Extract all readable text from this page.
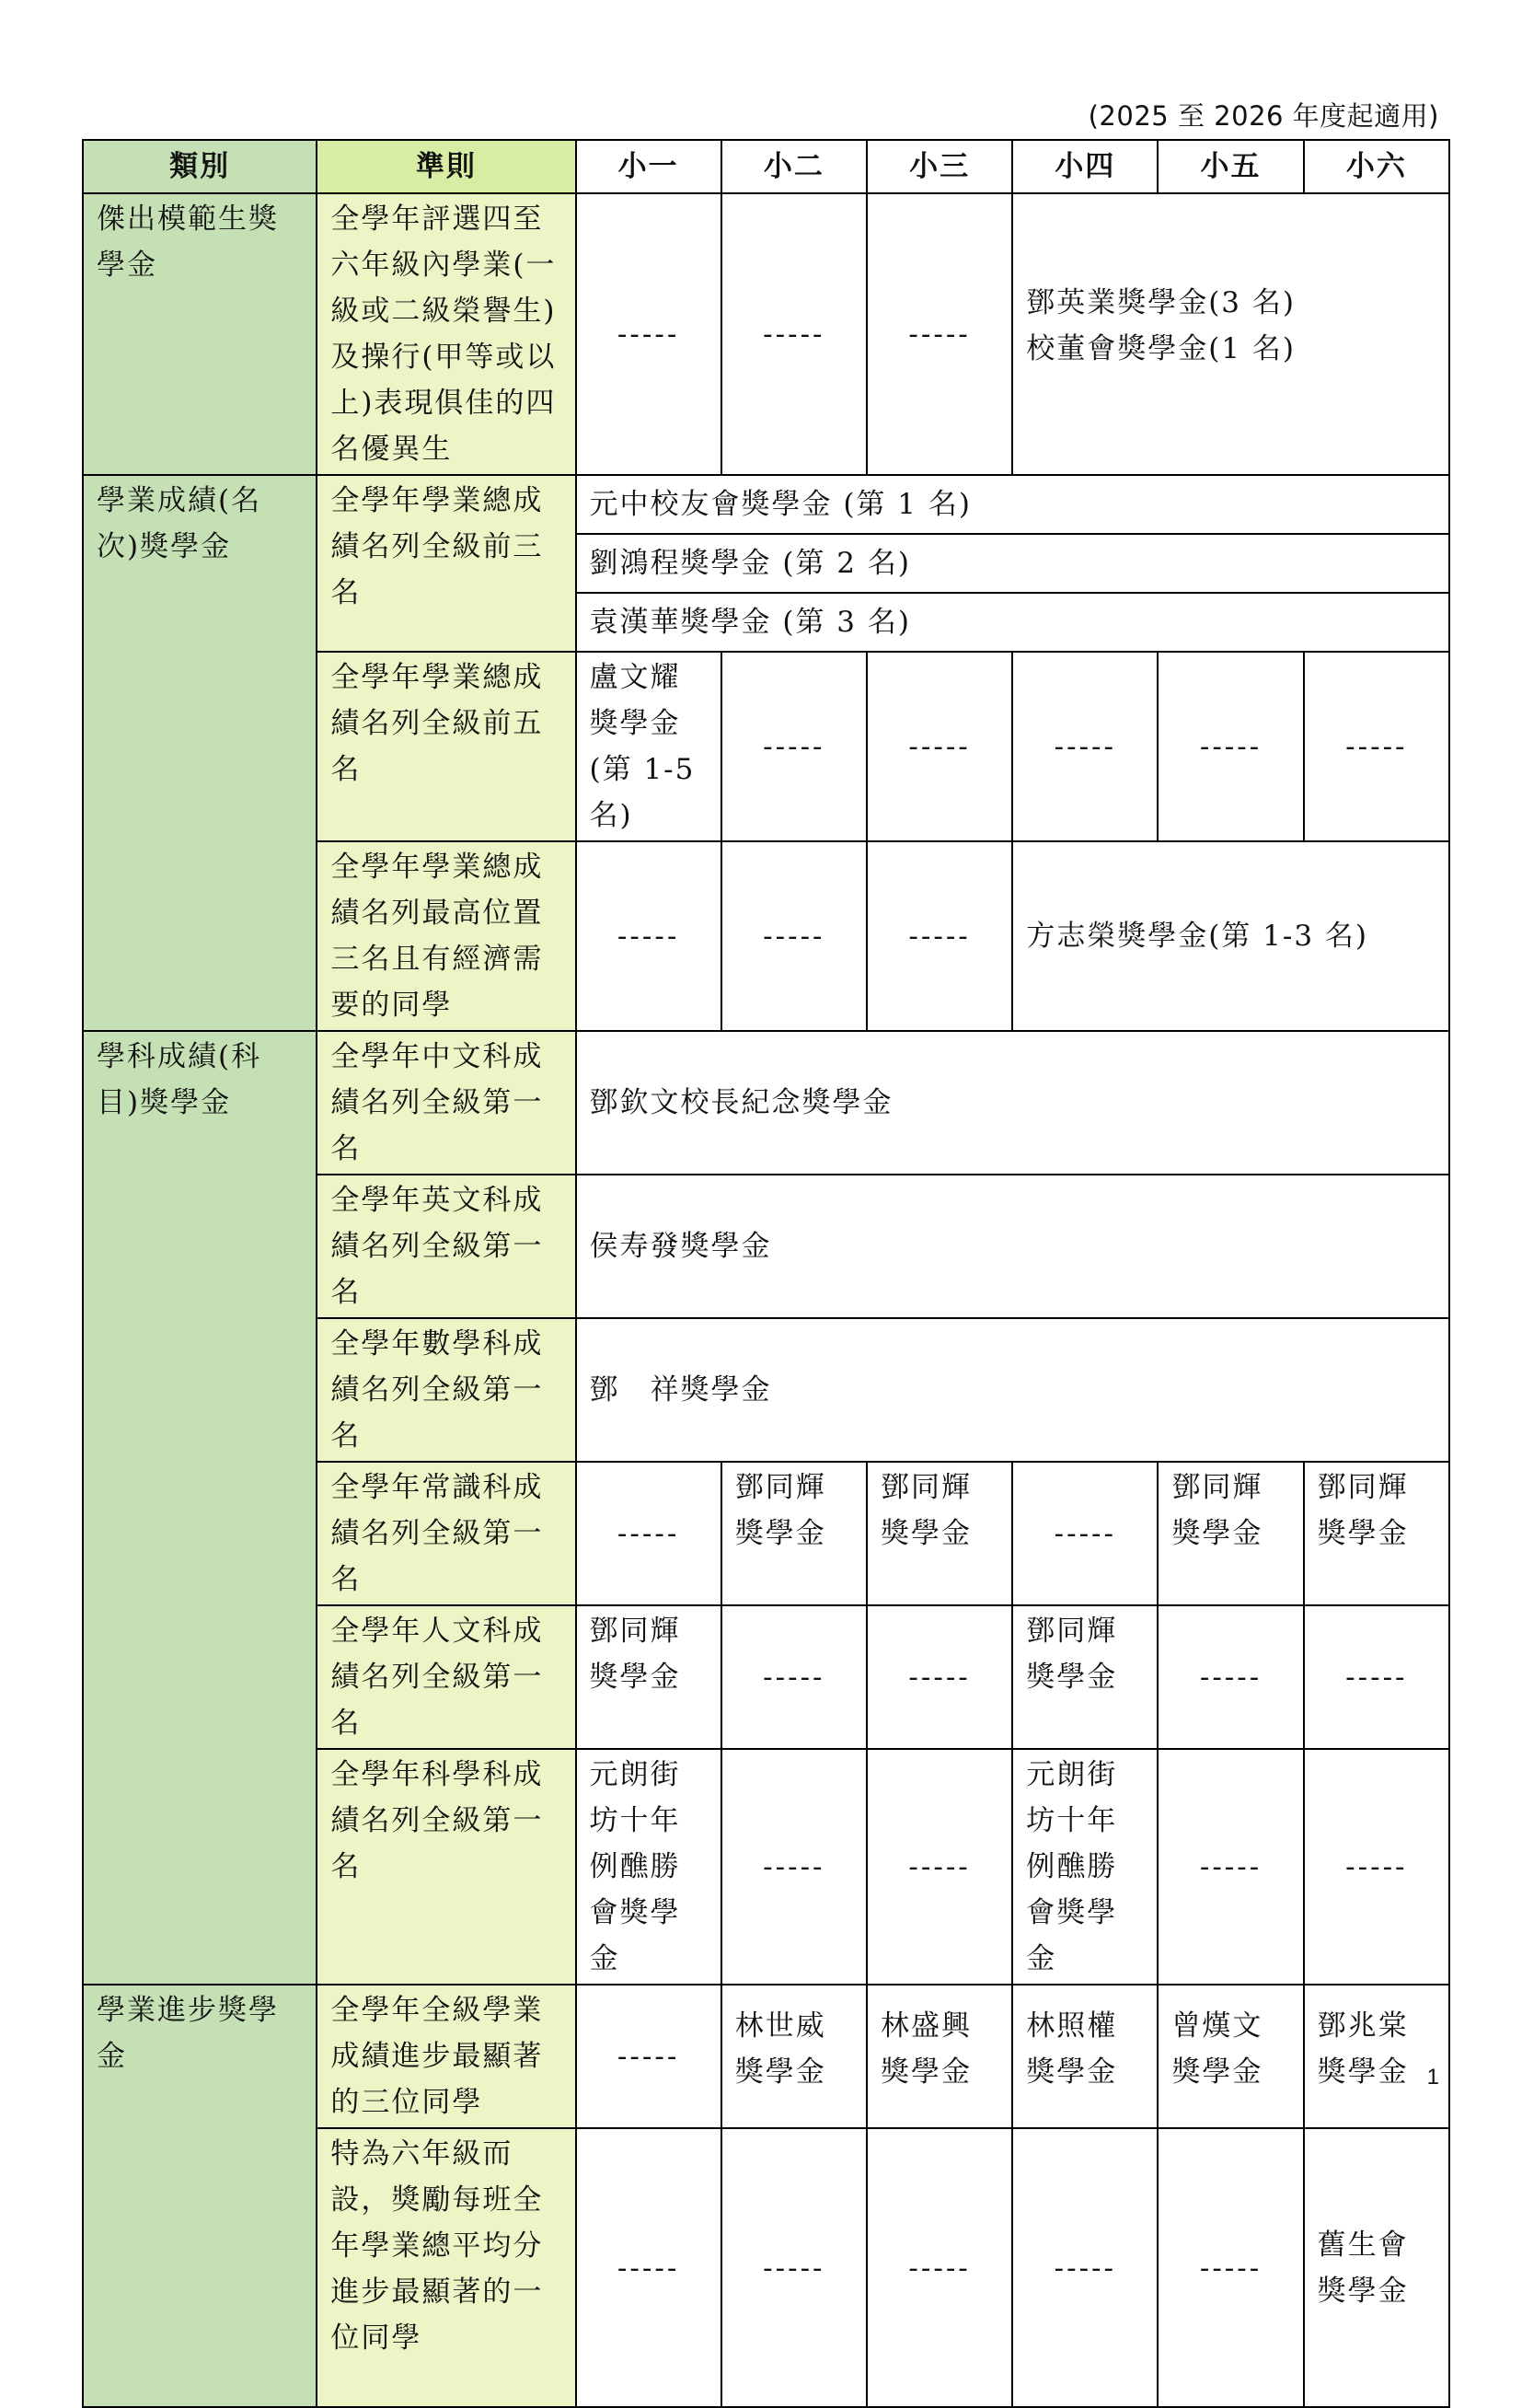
(2025 至 2026 年度起適用)
類別	準則	小一	小二	小三	小四	小五	小六
傑出模範生獎學金	全學年評選四至六年級內學業(一級或二級榮譽生)及操行(甲等或以上)表現俱佳的四名優異生	-----	-----	-----	鄧英業獎學金(3 名)
校董會獎學金(1 名)		

學業成績(名次)獎學金	全學年學業總成績名列全級前三名	元中校友會獎學金 (第 1 名)					
		劉鴻程獎學金 (第 2 名)					
		袁漢華獎學金 (第 3 名)					
	全學年學業總成績名列全級前五名	盧文耀獎學金(第 1-5 名)	-----	-----	-----	-----	-----
	全學年學業總成績名列最高位置三名且有經濟需要的同學	-----	-----	-----	方志榮獎學金(第 1-3 名)		
學科成績(科目)獎學金	全學年中文科成績名列全級第一名	鄧欽文校長紀念獎學金					
	全學年英文科成績名列全級第一名	侯寿發獎學金					
	全學年數學科成績名列全級第一名	鄧　祥獎學金					
	全學年常識科成績名列全級第一名	-----	鄧同輝獎學金	鄧同輝獎學金	-----	鄧同輝獎學金	鄧同輝獎學金
	全學年人文科成績名列全級第一名	鄧同輝獎學金	-----	-----	鄧同輝獎學金	-----	-----
	全學年科學科成績名列全級第一名	元朗街坊十年例醮勝會獎學金	-----	-----	元朗街坊十年例醮勝會獎學金	-----	-----
學業進步獎學金	全學年全級學業成績進步最顯著的三位同學	-----	林世威獎學金	林盛興獎學金	林照權獎學金	曾熯文獎學金	鄧兆棠獎學金
	特為六年級而設，獎勵每班全年學業總平均分進步最顯著的一位同學	-----	-----	-----	-----	-----	舊生會獎學金
1
